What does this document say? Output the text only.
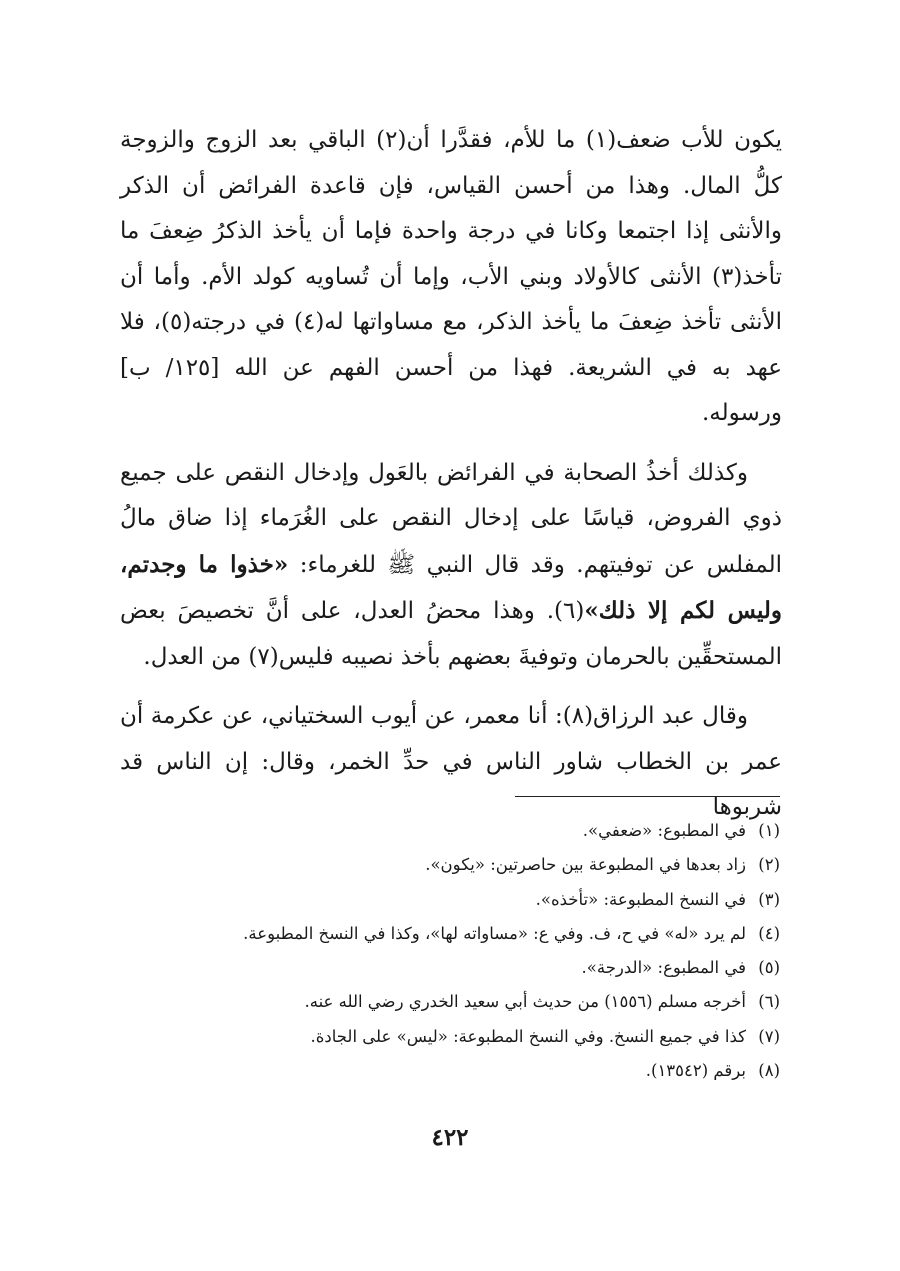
يكون للأب ضعف(١) ما للأم، فقدَّرا أن(٢) الباقي بعد الزوج والزوجة كلُّ المال. وهذا من أحسن القياس، فإن قاعدة الفرائض أن الذكر والأنثى إذا اجتمعا وكانا في درجة واحدة فإما أن يأخذ الذكرُ ضِعفَ ما تأخذ(٣) الأنثى كالأولاد وبني الأب، وإما أن تُساويه كولد الأم. وأما أن الأنثى تأخذ ضِعفَ ما يأخذ الذكر، مع مساواتها له(٤) في درجته(٥)، فلا عهد به في الشريعة. فهذا من أحسن الفهم عن الله [١٢٥/ ب] ورسوله.

وكذلك أخذُ الصحابة في الفرائض بالعَول وإدخال النقص على جميع ذوي الفروض، قياسًا على إدخال النقص على الغُرَماء إذا ضاق مالُ المفلس عن توفيتهم. وقد قال النبي ﷺ للغرماء: «خذوا ما وجدتم، وليس لكم إلا ذلك»(٦). وهذا محضُ العدل، على أنَّ تخصيصَ بعض المستحقِّين بالحرمان وتوفيةَ بعضهم بأخذ نصيبه فليس(٧) من العدل.

وقال عبد الرزاق(٨): أنا معمر، عن أيوب السختياني، عن عكرمة أن عمر بن الخطاب شاور الناس في حدِّ الخمر، وقال: إن الناس قد شربوها

(١)
في المطبوع: «ضعفي».
(٢)
زاد بعدها في المطبوعة بين حاصرتين: «يكون».
(٣)
في النسخ المطبوعة: «تأخذه».
(٤)
لم يرد «له» في ح، ف. وفي ع: «مساواته لها»، وكذا في النسخ المطبوعة.
(٥)
في المطبوع: «الدرجة».
(٦)
أخرجه مسلم (١٥٥٦) من حديث أبي سعيد الخدري رضي الله عنه.
(٧)
كذا في جميع النسخ. وفي النسخ المطبوعة: «ليس» على الجادة.
(٨)
برقم (١٣٥٤٢).
٤٢٢
